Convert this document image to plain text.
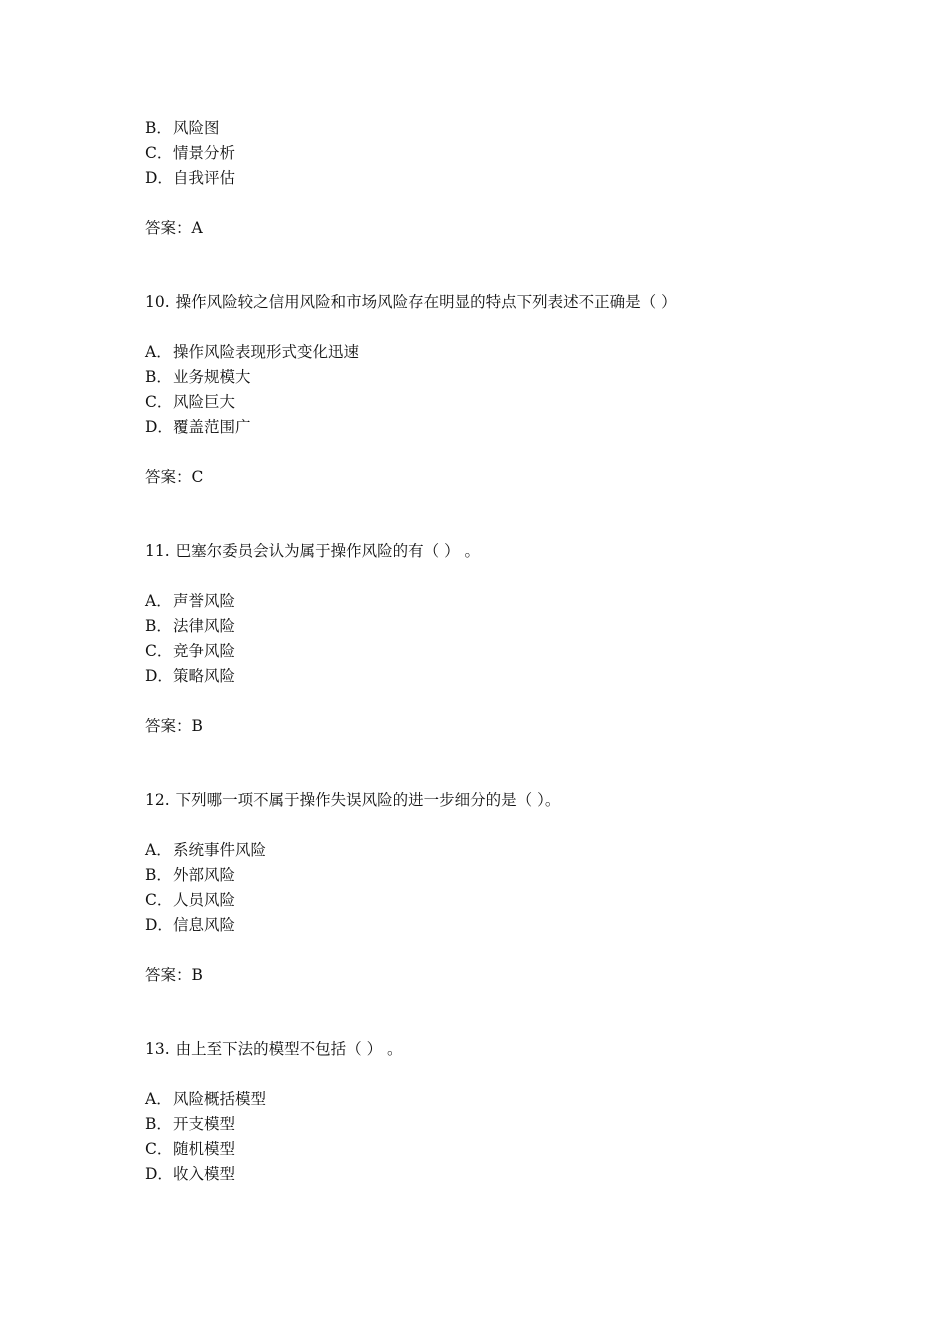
B．风险图
C．情景分析
D．自我评估
答案：A
10. 操作风险较之信用风险和市场风险存在明显的特点下列表述不正确是（ ）
A．操作风险表现形式变化迅速
B．业务规模大
C．风险巨大
D．覆盖范围广
答案：C
11. 巴塞尔委员会认为属于操作风险的有（ ） 。
A．声誉风险
B．法律风险
C．竞争风险
D．策略风险
答案：B
12. 下列哪一项不属于操作失误风险的进一步细分的是（ ）。
A．系统事件风险
B．外部风险
C．人员风险
D．信息风险
答案：B
13. 由上至下法的模型不包括（ ） 。
A．风险概括模型
B．开支模型
C．随机模型
D．收入模型
